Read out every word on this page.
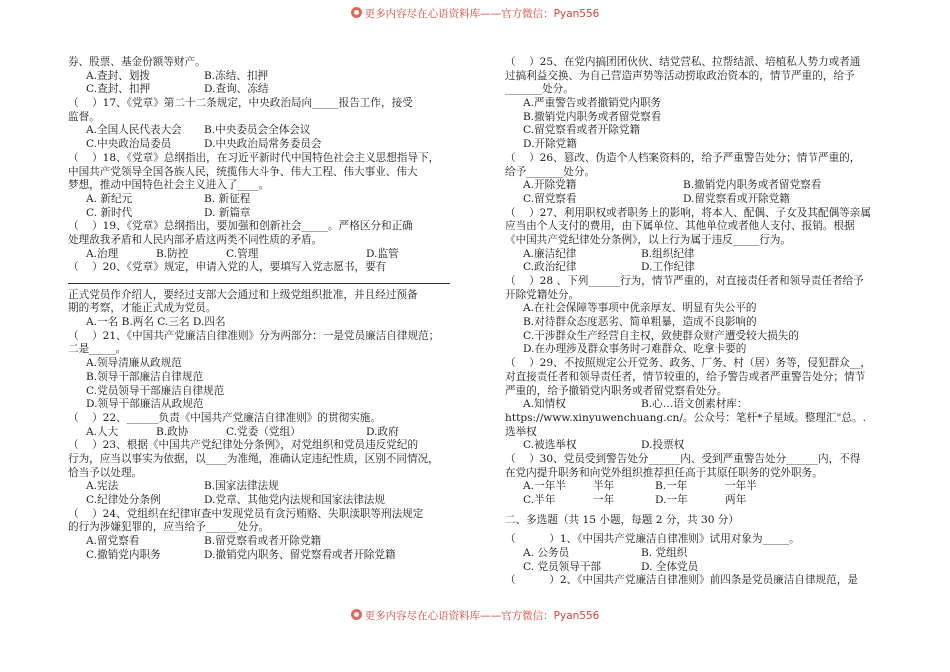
更多内容尽在心语资料库——官方微信：Pyan556
券、股票、基金份额等财产。
A.查封、划拨	B.冻结、扣押
C.查封、扣押	D.查询、冻结
（    ）17、《党章》第二十二条规定，中央政治局向_____报告工作，接受
监督。
A.全国人民代表大会	B.中央委员会全体会议
C.中央政治局委员	D.中央政治局常务委员会
（    ）18、《党章》总纲指出，在习近平新时代中国特色社会主义思想指导下，
中国共产党领导全国各族人民，统揽伟大斗争、伟大工程、伟大事业、伟大
梦想，推动中国特色社会主义进入了____。
A. 新纪元	B. 新征程
C. 新时代	D. 新篇章
（    ）19、《党章》总纲指出，要加强和创新社会_____。严格区分和正确
处理敌我矛盾和人民内部矛盾这两类不同性质的矛盾。
A.治理	B.防控	C.管理	D.监管
（    ）20、《党章》规定，申请入党的人，要填写入党志愿书，要有
正式党员作介绍人，要经过支部大会通过和上级党组织批准，并且经过预备
期的考察，才能正式成为党员。
A.一名 B.两名 C.三名 D.四名
（    ）21、《中国共产党廉洁自律准则》分为两部分：一是党员廉洁自律规范；
二是_____。
A.领导清廉从政规范
B.领导干部廉洁自律规范
C.党员领导干部廉洁自律规范
D.领导干部廉洁从政规范
（    ）22、______负责《中国共产党廉洁自律准则》的贯彻实施。
A.人大	B.政协	C.党委（党组）	D.政府
（    ）23、根据《中国共产党纪律处分条例》，对党组织和党员违反党纪的
行为，应当以事实为依据，以____为准绳，准确认定违纪性质，区别不同情况，
恰当予以处理。
A.宪法	B.国家法律法规
C.纪律处分条例	D.党章、其他党内法规和国家法律法规
（    ）24、党组织在纪律审查中发现党员有贪污贿赂、失职渎职等刑法规定
的行为涉嫌犯罪的，应当给予______处分。
A.留党察看	B.留党察看或者开除党籍
C.撤销党内职务	D.撤销党内职务、留党察看或者开除党籍
（    ）25、在党内搞团团伙伙、结党营私、拉帮结派、培植私人势力或者通
过搞利益交换、为自己营造声势等活动捞取政治资本的，情节严重的，给予
_______处分。
A.严重警告或者撤销党内职务
B.撤销党内职务或者留党察看
C.留党察看或者开除党籍
D.开除党籍
（    ）26、篡改、伪造个人档案资料的，给予严重警告处分；情节严重的，
给予_______处分。
A.开除党籍	B.撤销党内职务或者留党察看
C.留党察看	D.留党察看或开除党籍
（    ）27、利用职权或者职务上的影响，将本人、配偶、子女及其配偶等亲属
应当由个人支付的费用，由下属单位、其他单位或者他人支付、报销。根据
《中国共产党纪律处分条例》，以上行为属于违反_____行为。
A.廉洁纪律	B.组织纪律
C.政治纪律	D.工作纪律
（    ）28 、下列______行为，情节严重的，对直接责任者和领导责任者给予
开除党籍处分。
A.在社会保障等事项中优亲厚友、明显有失公平的
B.对待群众态度恶劣、简单粗暴，造成不良影响的
C.干涉群众生产经营自主权，致使群众财产遭受较大损失的
D.在办理涉及群众事务时刁难群众、吃拿卡要的
（    ）29、不按照规定公开党务、政务、厂务、村（居）务等，侵犯群众__，
对直接责任者和领导责任者，情节较重的，给予警告或者严重警告处分；情节
严重的，给予撤销党内职务或者留党察看处分。
A.知情权	B.心…语文创素材库：
https://www.xinyuwenchuang.cn/。公众号：笔杆*子星域。整理汇"总。.
选举权
C.被选举权	D.投票权
（    ）30、党员受到警告处分______内、受到严重警告处分______内，不得
在党内提升职务和向党外组织推荐担任高于其原任职务的党外职务。
A.一年半	半年	B.一年	一年半
C.半年	一年	D.一年	两年
二、多选题（共 15 小题，每题 2 分，共 30 分）
（          ）1、《中国共产党廉洁自律准则》试用对象为_____。
A. 公务员	B. 党组织
C. 党员领导干部	D. 全体党员
（          ）2、《中国共产党廉洁自律准则》前四条是党员廉洁自律规范，是
更多内容尽在心语资料库——官方微信：Pyan556
